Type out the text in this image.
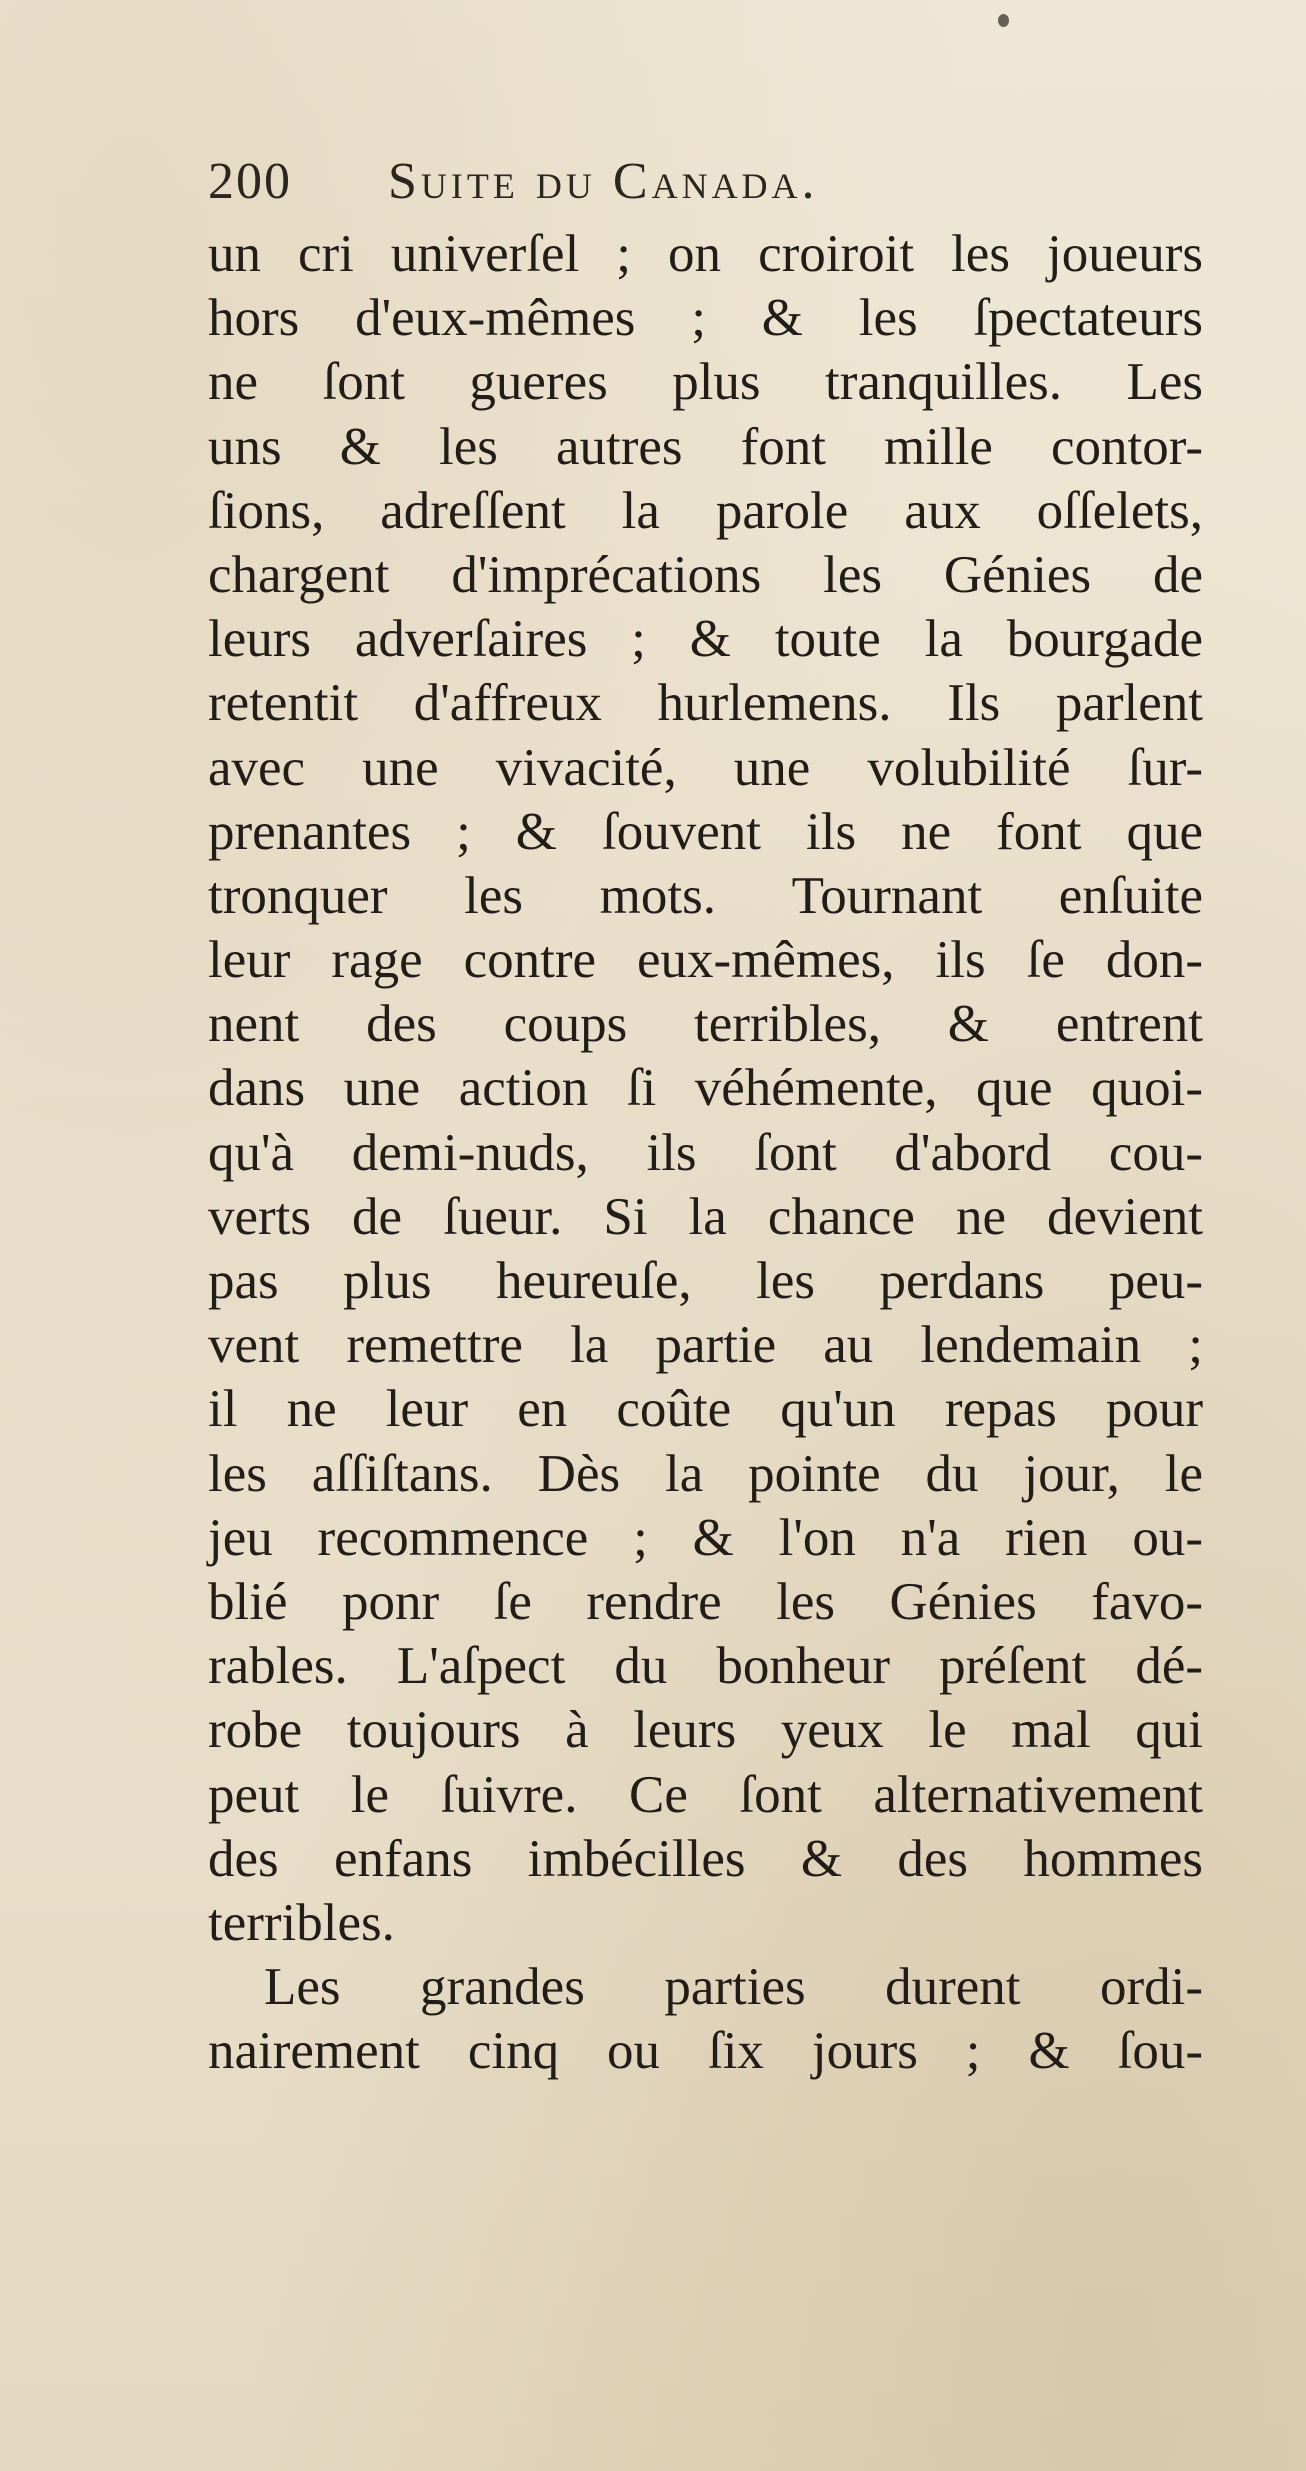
200 Suite du Canada.
un cri univerſel ; on croiroit les joueurs
hors d'eux-mêmes ; & les ſpectateurs
ne ſont gueres plus tranquilles. Les
uns & les autres font mille contor-
ſions, adreſſent la parole aux oſſelets,
chargent d'imprécations les Génies de
leurs adverſaires ; & toute la bourgade
retentit d'affreux hurlemens. Ils parlent
avec une vivacité, une volubilité ſur-
prenantes ; & ſouvent ils ne font que
tronquer les mots. Tournant enſuite
leur rage contre eux-mêmes, ils ſe don-
nent des coups terribles, & entrent
dans une action ſi véhémente, que quoi-
qu'à demi-nuds, ils ſont d'abord cou-
verts de ſueur. Si la chance ne devient
pas plus heureuſe, les perdans peu-
vent remettre la partie au lendemain ;
il ne leur en coûte qu'un repas pour
les aſſiſtans. Dès la pointe du jour, le
jeu recommence ; & l'on n'a rien ou-
blié ponr ſe rendre les Génies favo-
rables. L'aſpect du bonheur préſent dé-
robe toujours à leurs yeux le mal qui
peut le ſuivre. Ce ſont alternativement
des enfans imbécilles & des hommes
terribles.
Les grandes parties durent ordi-
nairement cinq ou ſix jours ; & ſou-
